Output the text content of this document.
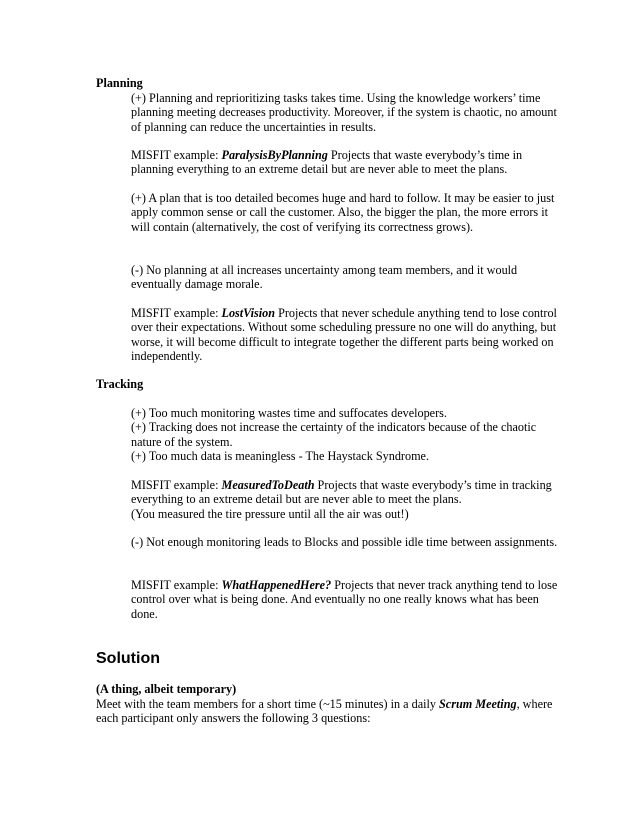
Planning

(+) Planning and reprioritizing tasks takes time. Using the knowledge workers’ time planning meeting decreases productivity. Moreover, if the system is chaotic, no amount of planning can reduce the uncertainties in results.

MISFIT example: ParalysisByPlanning Projects that waste everybody’s time in planning everything to an extreme detail but are never able to meet the plans.

(+) A plan that is too detailed becomes huge and hard to follow. It may be easier to just apply common sense or call the customer. Also, the bigger the plan, the more errors it will contain (alternatively, the cost of verifying its correctness grows).

(-) No planning at all increases uncertainty among team members, and it would eventually damage morale.

MISFIT example: LostVision Projects that never schedule anything tend to lose control over their expectations. Without some scheduling pressure no one will do anything, but worse, it will become difficult to integrate together the different parts being worked on independently.

Tracking

(+) Too much monitoring wastes time and suffocates developers.

(+) Tracking does not increase the certainty of the indicators because of the chaotic nature of the system.

(+) Too much data is meaningless - The Haystack Syndrome.

MISFIT example: MeasuredToDeath Projects that waste everybody’s time in tracking everything to an extreme detail but are never able to meet the plans.

(You measured the tire pressure until all the air was out!)

(-) Not enough monitoring leads to Blocks and possible idle time between assignments.

MISFIT example: WhatHappenedHere? Projects that never track anything tend to lose control over what is being done. And eventually no one really knows what has been done.

Solution
(A thing, albeit temporary)

Meet with the team members for a short time (~15 minutes) in a daily Scrum Meeting, where each participant only answers the following 3 questions:
